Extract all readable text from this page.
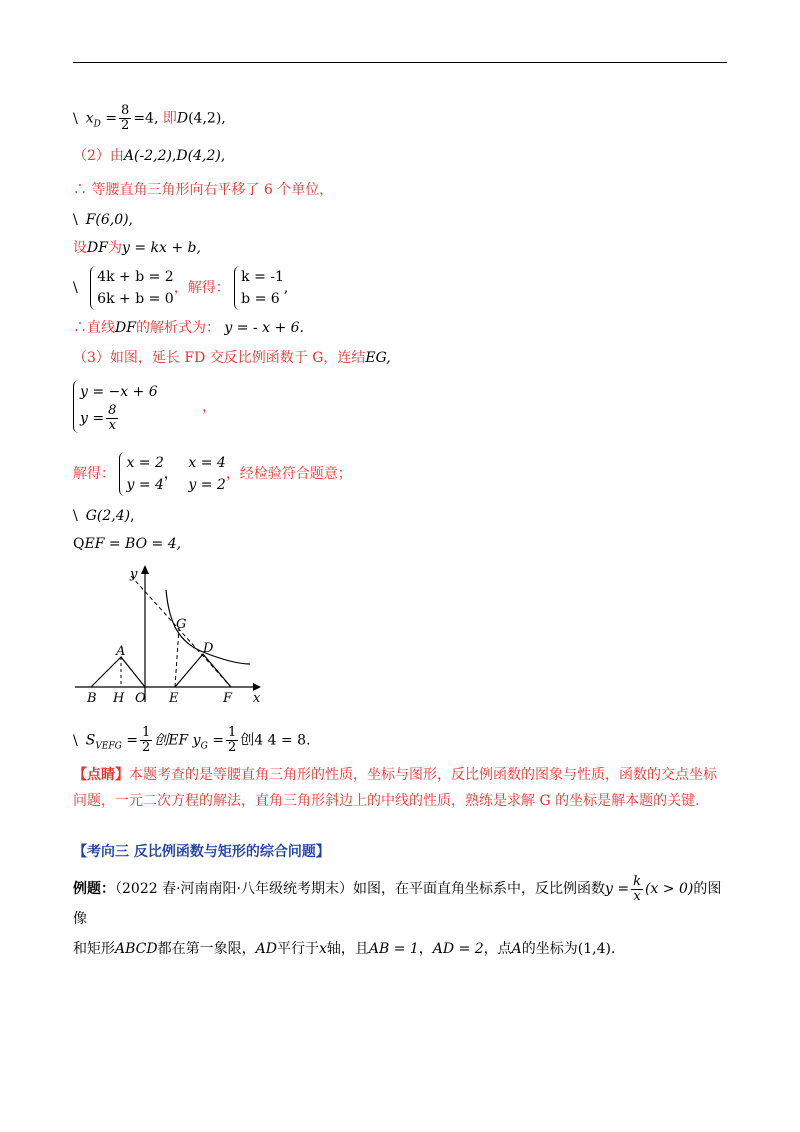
\ $x_D = \frac{8}{2} =4$, 即D(4,2),
（2）由A(-2,2),D(4,2),
∴ 等腰直角三角形向右平移了 6 个单位，
\ F(6,0),
设DF为y = kx + b,
\
4k + b = 2
6k + b = 0
，解得：
k = -1
b = 6
,
∴直线DF的解析式为： y = - x + 6.
（3）如图，延长 FD 交反比例函数于 G，连结EG,
y = −x + 6
$y = \frac{8}{x}$	，
解得：
x = 2
y = 4
，
x = 4
y = 2
，经检验符合题意；
\ G(2,4),
QEF = BO = 4,
y
x
A
B H O E	F
G
D
\ $S_{VEFG} = \frac{1}{2}$ 创EF $y_G = \frac{1}{2}$ 创4 4 = 8.
【点睛】本题考查的是等腰直角三角形的性质，坐标与图形，反比例函数的图象与性质，函数的交点坐标问题，一元二次方程的解法，直角三角形斜边上的中线的性质，熟练是求解 G 的坐标是解本题的关键.
【考向三 反比例函数与矩形的综合问题】
例题：（2022 春·河南南阳·八年级统考期末）如图，在平面直角坐标系中，反比例函数$y = \frac{k}{x} (x > 0)$的图像
和矩形ABCD都在第一象限，AD平行于x轴，且AB = 1，AD = 2，点A的坐标为(1,4).
